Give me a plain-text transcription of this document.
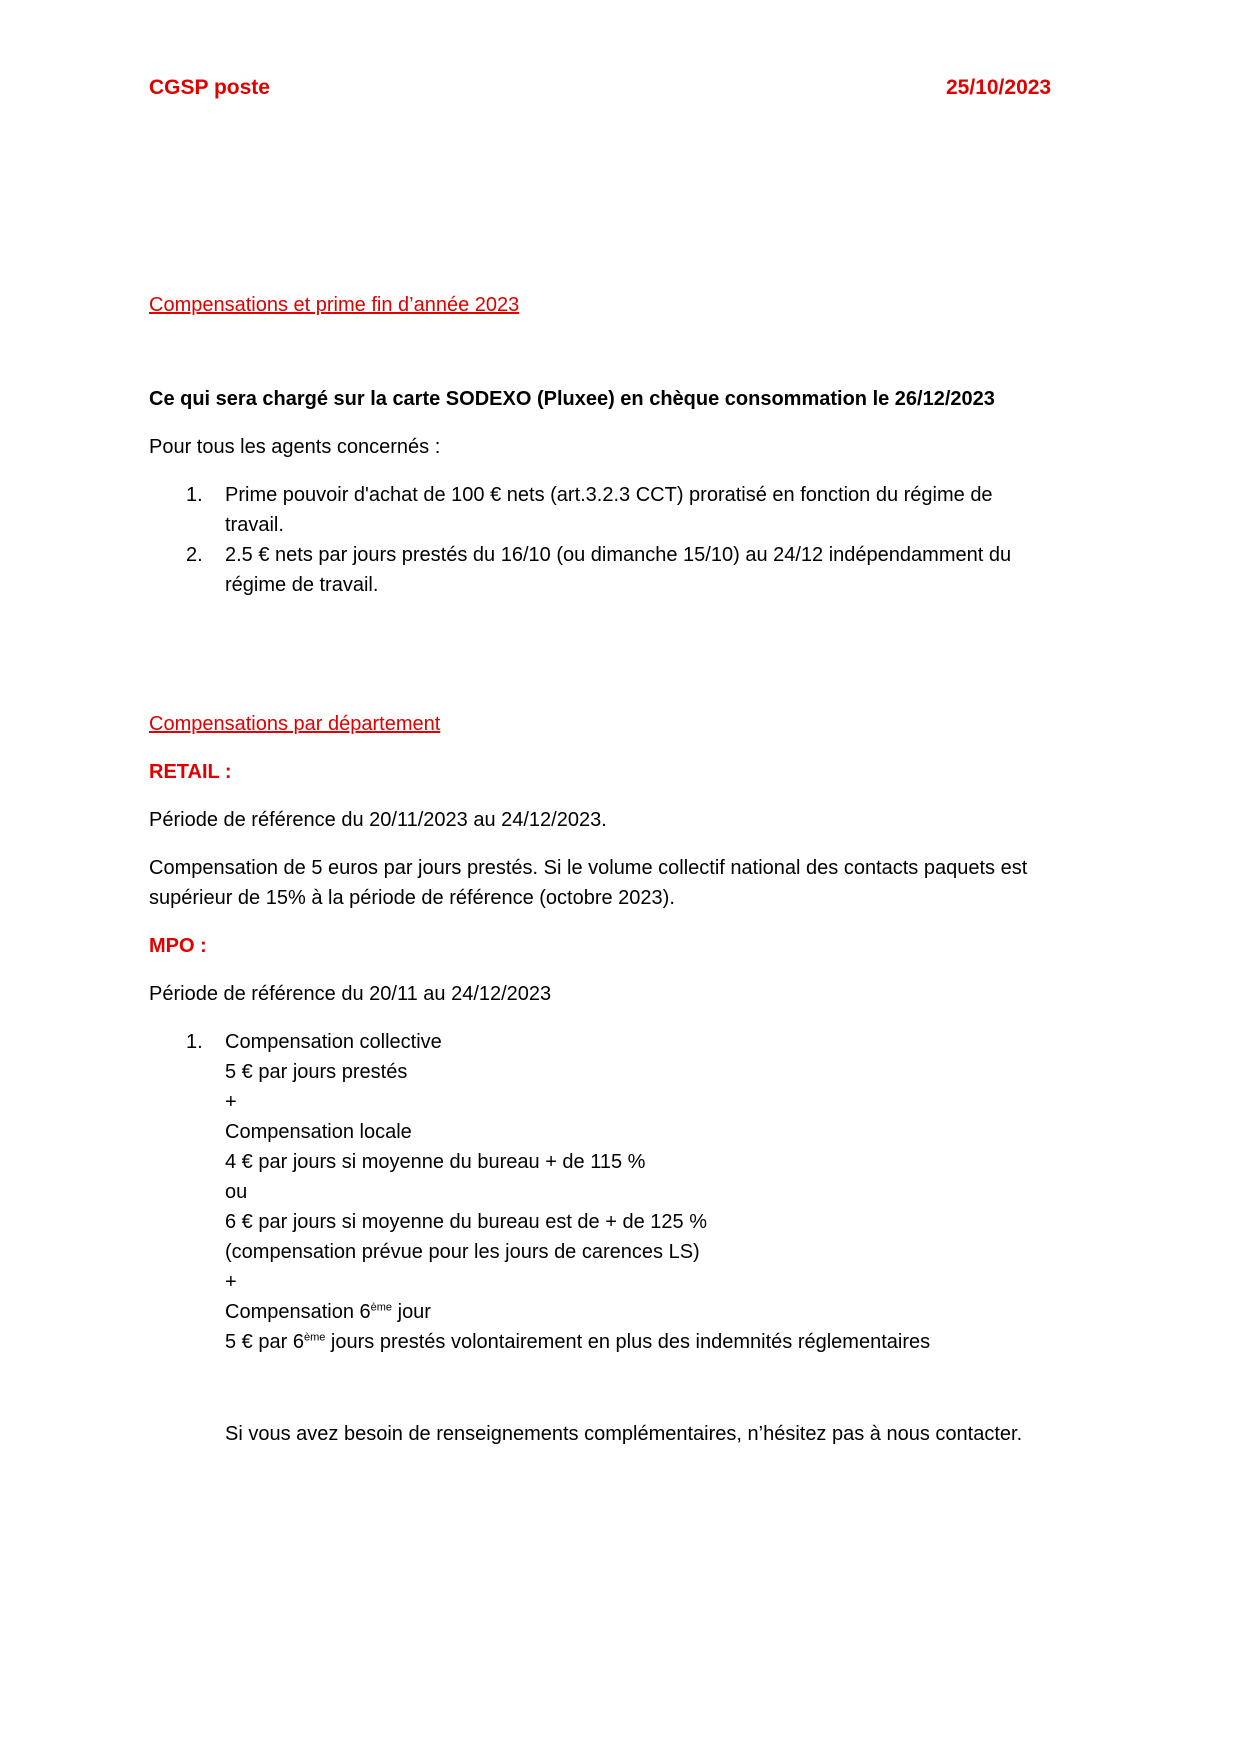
CGSP poste	25/10/2023
Compensations et prime fin d’année 2023
Ce qui sera chargé sur la carte SODEXO (Pluxee) en chèque consommation le 26/12/2023
Pour tous les agents concernés :
1. Prime pouvoir d'achat de 100 € nets (art.3.2.3 CCT) proratisé en fonction du régime de
travail.
2. 2.5 € nets par jours prestés du 16/10 (ou dimanche 15/10) au 24/12 indépendamment du
régime de travail.
Compensations par département
RETAIL :
Période de référence du 20/11/2023 au 24/12/2023.
Compensation de 5 euros par jours prestés. Si le volume collectif national des contacts paquets est
supérieur de 15% à la période de référence (octobre 2023).
MPO :
Période de référence du 20/11 au 24/12/2023
1. Compensation collective
5 € par jours prestés
+
Compensation locale
4 € par jours si moyenne du bureau + de 115 %
ou
6 € par jours si moyenne du bureau est de + de 125 %
(compensation prévue pour les jours de carences LS)
+
Compensation 6ème jour
5 € par 6ème jours prestés volontairement en plus des indemnités réglementaires
Si vous avez besoin de renseignements complémentaires, n’hésitez pas à nous contacter.
